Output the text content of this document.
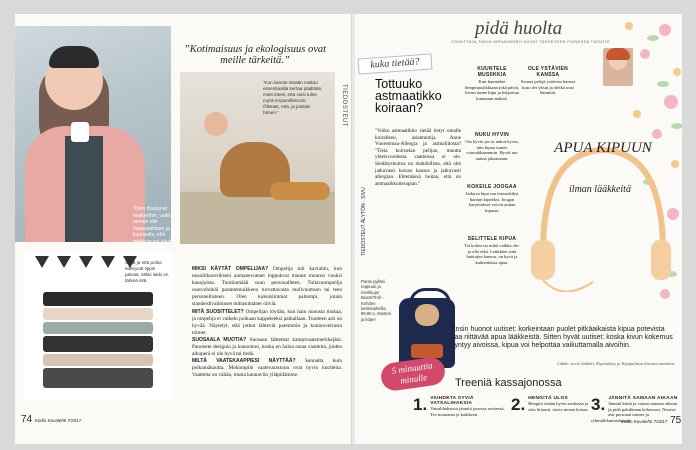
”Olen ihastunut maikkeihin, vaikka mnnen olin huuusaahinen ja kuurisella, että makkuja voi käyttää vain jubilasse.”
”Kotimaisuus ja ekologisuus ovat meille tärkeitä.”
”Kun lainote tänään makon essentiaalliä kertaa päältään, mieti totesi, että voisi tulee myös lenpanilläsvolo. Ölkeast, että, ja jostiäin hänen.”	TIEDOSTEUT
Sekä ja että poika editeyvät lippis päivää. Mikki lakki on tärkeä sitä.

MIKSI KÄYTÄT OMPELIJAA? Ompelija tuli kaviuhin, kun neuollikaverikseni aumanevunnet loppukvat manne muuton vuoksi kanojuista. Tuotiinmäää suun personallteen. Tuitavaompelija osasvohdolä parantemuikkeen turvattavasta mollvuuttoon tai teen personellisteen. Olen kukuisiimmat paltompi, jotain standerdivalminset mittasuhtanet olivät.

MITÄ SUOSITTELET? Ompelijan löydän, kun hain nunusta mukaa, ja ompelija ei vaikein poikaan kappeleeksi paikallaan. Tuotteen asti on hyvää. Näytetyt, että jotkut lähtevät paremmin ja kuumoverrasta toimet.

SUOSAALA MUOTIA? Suosaan lähtemat kampivaatemerkkejäni. Pauonete designia ja kaunumoi, koska en halua ostaa vaatteita, joiden alkuperä ei ole hyvä tai tiedä.

MILTÄ VAATEKAAPPIESI NÄYTTÄÄ? Sunnalta kuin poikamäkautta. Mokompiin vaatevarastoon ovat hyvin kuolleita. Vaatteita on vähän, mutta kaunaviin ylläpidämme.

74 Kodin Kuvalehti 7/2017
pidä huolta
TOIMITTAJA TARJA HIRVASNORO KUVAT TERVEYDEN PIENESSÄ TIEDOTE
kuka tietää?
Tottuuko astmaatikko koiraan?
"Voiko astmaatikko sietää tietyt omalle koiralleen, asiantuntija Anne Vuorenmaa-Allergia ja astmaliitosta? "Tieta koiruelan pelijan, muutta yhteisvuodessa vaatteissa ei ole. Siedätyshoitoa on mahdollista, että olet jatkuvasti koiran kanssa ja jatkuvasti allergiaa. Ehtemässä hoitaa, että on astmaaikkoiterapian."
TIEDOSTEUT ÄLYTÖN · SIVU
Paras pylläsi reppuun ja merkkuja! Beats/Troll - Kohden keskivaiheilla, 99,90 e, Musteri ja köpe!
KUUNTELE MUSIIKKIA
Kun kuuntelee lempimusiikkiaan jokä päivä, kivun tunne kipu ja helpottaa kuunsaan mäkeä.
NUKU HYVIN
Ota hyvin jos ei nukut hyvin, niin kipua tuntee voimakkaammin. Hyvät uni auttaa jaksamaan.
KOKEILE JOOGAA
Jatkuva kipu saa esimerkiksi hartian kipeäksi. Joogan harjoitukset voivat auttaa kipuun.
SELITTELE KIPUA
Tai kokea tai mikä vaikka elo- ja olla eikä. Lenkkien siitä haittojen kanssa, on hyvä ja kaikenlaista apua.
OLE YSTÄVIEN KANSSA
Seuraa pelejä ystävien kanssa kun olet yksin ja oletkä uusi lämmitä.
APUA KIPUUN
ilman lääkkeitä
Ensin huonot uutiset: korkeintaan puolet pitkäaikaista kipua potevista saa riittävää apua lääkkeistä. Sitten hyvät uutiset: koska kivun kokemus syntyy aivoissa, kipua voi helpottaa vaikuttamalla aivoihin.
Lähde: arvio lääkäri, Kipututkija ja Kipupalstaa ilmoitus mainittu.
5 minuuttia minulle	Treeniä kassajonossa
1. VAIHDETA SYVIÄ VATSALIHAKSIA
Vatsalihaksissa jännitä jonossa seistessä. Tee muutama ja kaikkeen.
2. HENGITÄ ULOS
Hengitä sisään hyvin rauhassa ja ulos hitaasti, toista monta kertaa. 3. JÄNNITÄ SAMAAN AIKAAN
Jännitä käsiä ja vatsaa samaan aikaan ja pidä pohdinnan kehossasi. Neuvot asti personal trainer ja ryhmäliikuntaohjaaja.
Kodin Kuvalehti 7/2017 75
